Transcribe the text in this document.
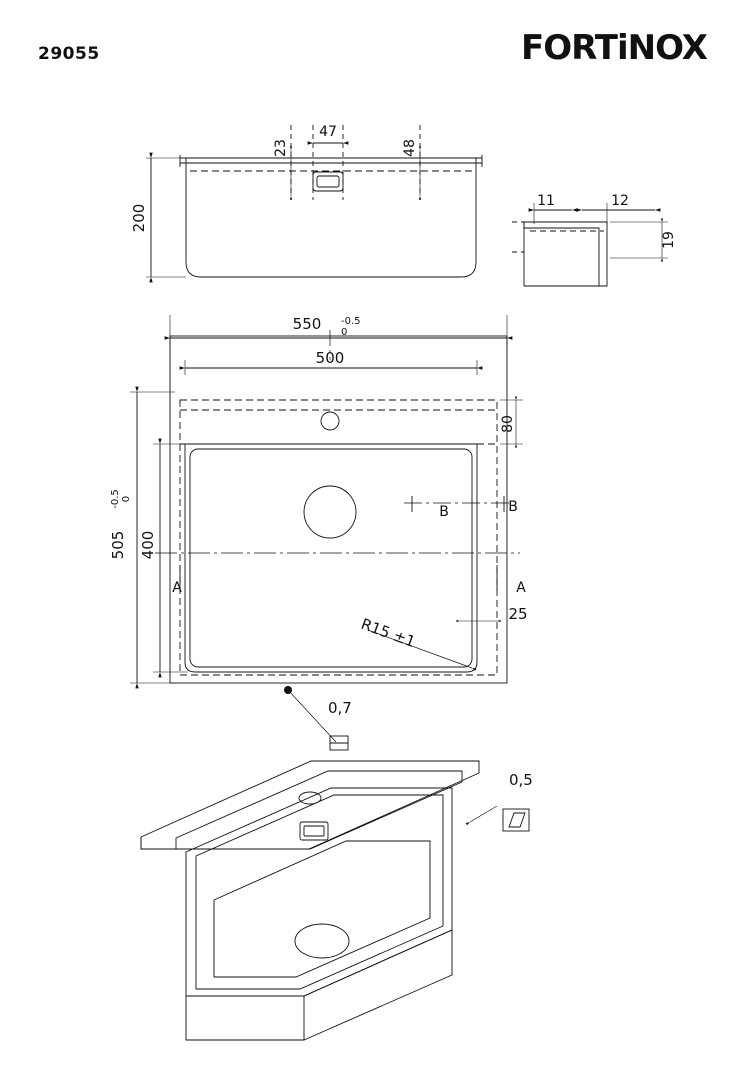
29055	FORTiNOX
200
23
47
48
11	12
19
550 -0.5
0
500
505
-0.5 0
400
80
25
R15 ±1
0,7
0,5
A	A
B	B
